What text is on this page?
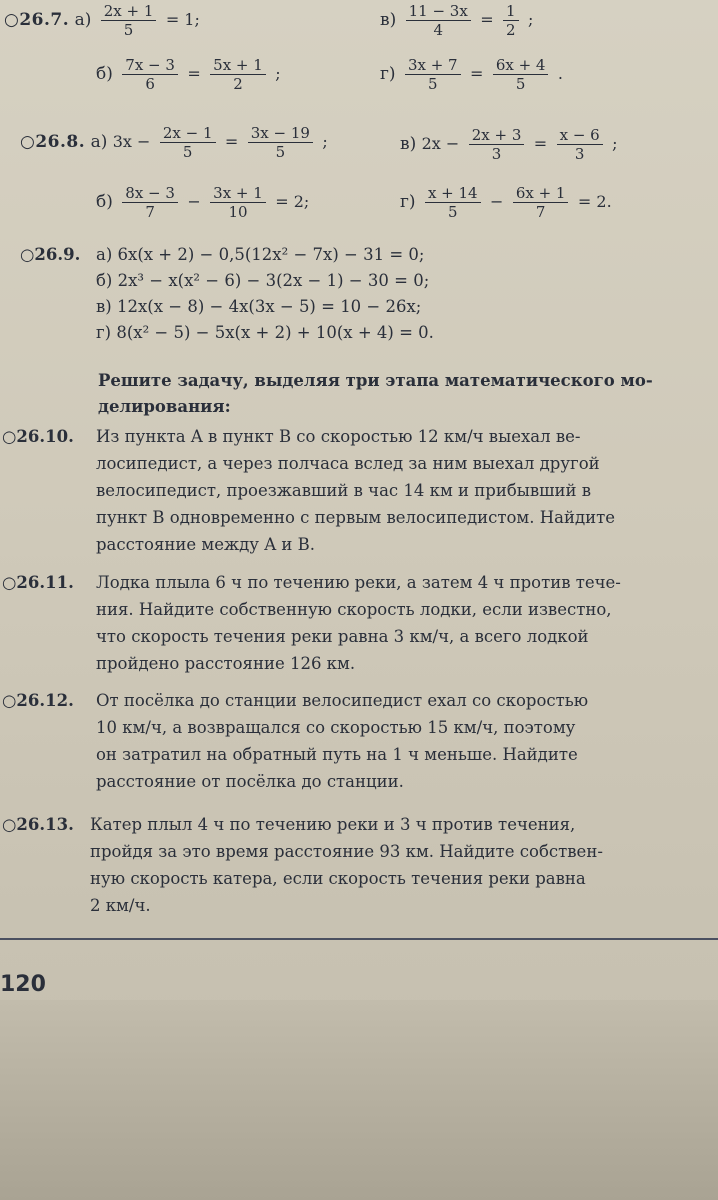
○26.7. $а) \frac{2x + 1}{5} = 1$;	$в) \frac{11 - 3x}{4} = \frac{1}{2}$ ;
$б) \frac{7x - 3}{6} = \frac{5x + 1}{2}$ ;	$г) \frac{3x + 7}{5} = \frac{6x + 4}{5}$ .
○26.8. а) $3x - \frac{2x - 1}{5} = \frac{3x - 19}{5}$ ;	в) $2x - \frac{2x + 3}{3} = \frac{x - 6}{3}$ ;
$б) \frac{8x - 3}{7} - \frac{3x + 1}{10} = 2$;	$г) \frac{x + 14}{5} - \frac{6x + 1}{7} = 2$.
○26.9. а) 6x(x + 2) − 0,5(12x² − 7x) − 31 = 0;
б) 2x³ − x(x² − 6) − 3(2x − 1) − 30 = 0;
в) 12x(x − 8) − 4x(3x − 5) = 10 − 26x;
г) 8(x² − 5) − 5x(x + 2) + 10(x + 4) = 0.
Решите задачу, выделяя три этапа математического мо-
делирования:
○26.10. Из пункта A в пункт B со скоростью 12 км/ч выехал ве-
лосипедист, а через полчаса вслед за ним выехал другой
велосипедист, проезжавший в час 14 км и прибывший в
пункт B одновременно с первым велосипедистом. Найдите
расстояние между A и B.
○26.11. Лодка плыла 6 ч по течению реки, а затем 4 ч против тече-
ния. Найдите собственную скорость лодки, если известно,
что скорость течения реки равна 3 км/ч, а всего лодкой
пройдено расстояние 126 км.
○26.12. От посёлка до станции велосипедист ехал со скоростью
10 км/ч, а возвращался со скоростью 15 км/ч, поэтому
он затратил на обратный путь на 1 ч меньше. Найдите
расстояние от посёлка до станции.
○26.13. Катер плыл 4 ч по течению реки и 3 ч против течения,
пройдя за это время расстояние 93 км. Найдите собствен-
ную скорость катера, если скорость течения реки равна
2 км/ч.
120
